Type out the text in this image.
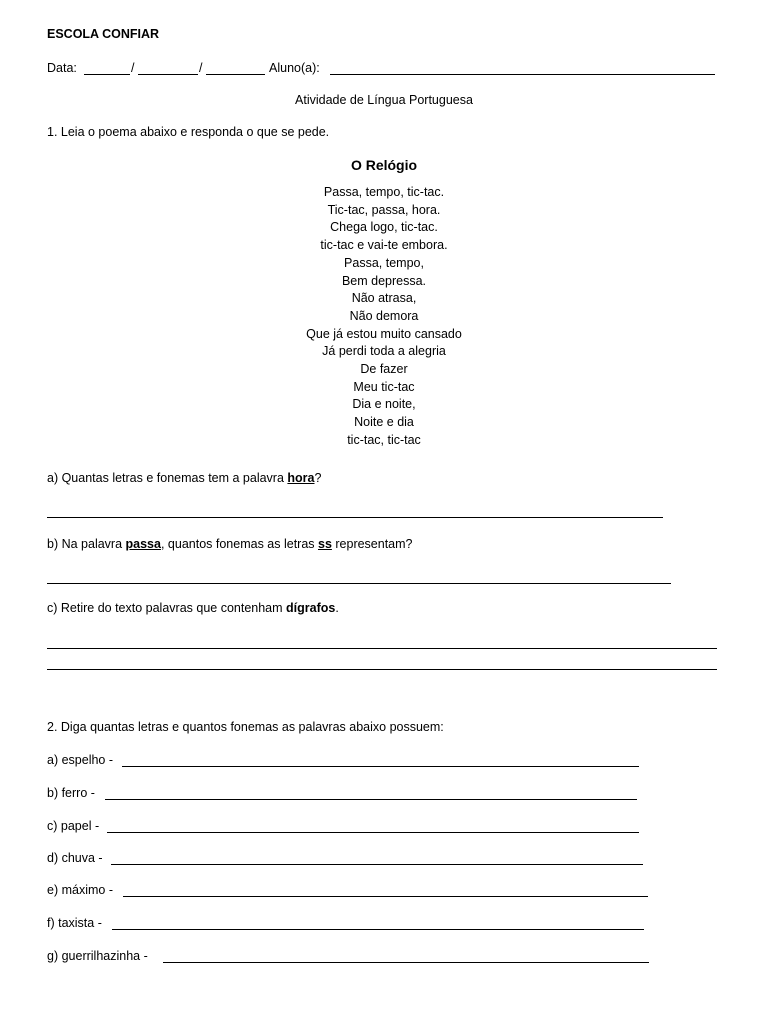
ESCOLA CONFIAR
Data:	/	/	Aluno(a):
Atividade de Língua Portuguesa
1. Leia o poema abaixo e responda o que se pede.
O Relógio
Passa, tempo, tic-tac.
Tic-tac, passa, hora.
Chega logo, tic-tac.
tic-tac e vai-te embora.
Passa, tempo,
Bem depressa.
Não atrasa,
Não demora
Que já estou muito cansado
Já perdi toda a alegria
De fazer
Meu tic-tac
Dia e noite,
Noite e dia
tic-tac, tic-tac
a) Quantas letras e fonemas tem a palavra hora?
b) Na palavra passa, quantos fonemas as letras ss representam?
c) Retire do texto palavras que contenham dígrafos.
2. Diga quantas letras e quantos fonemas as palavras abaixo possuem:
a) espelho -
b) ferro -
c) papel -
d) chuva -
e) máximo -
f) taxista -
g) guerrilhazinha -
